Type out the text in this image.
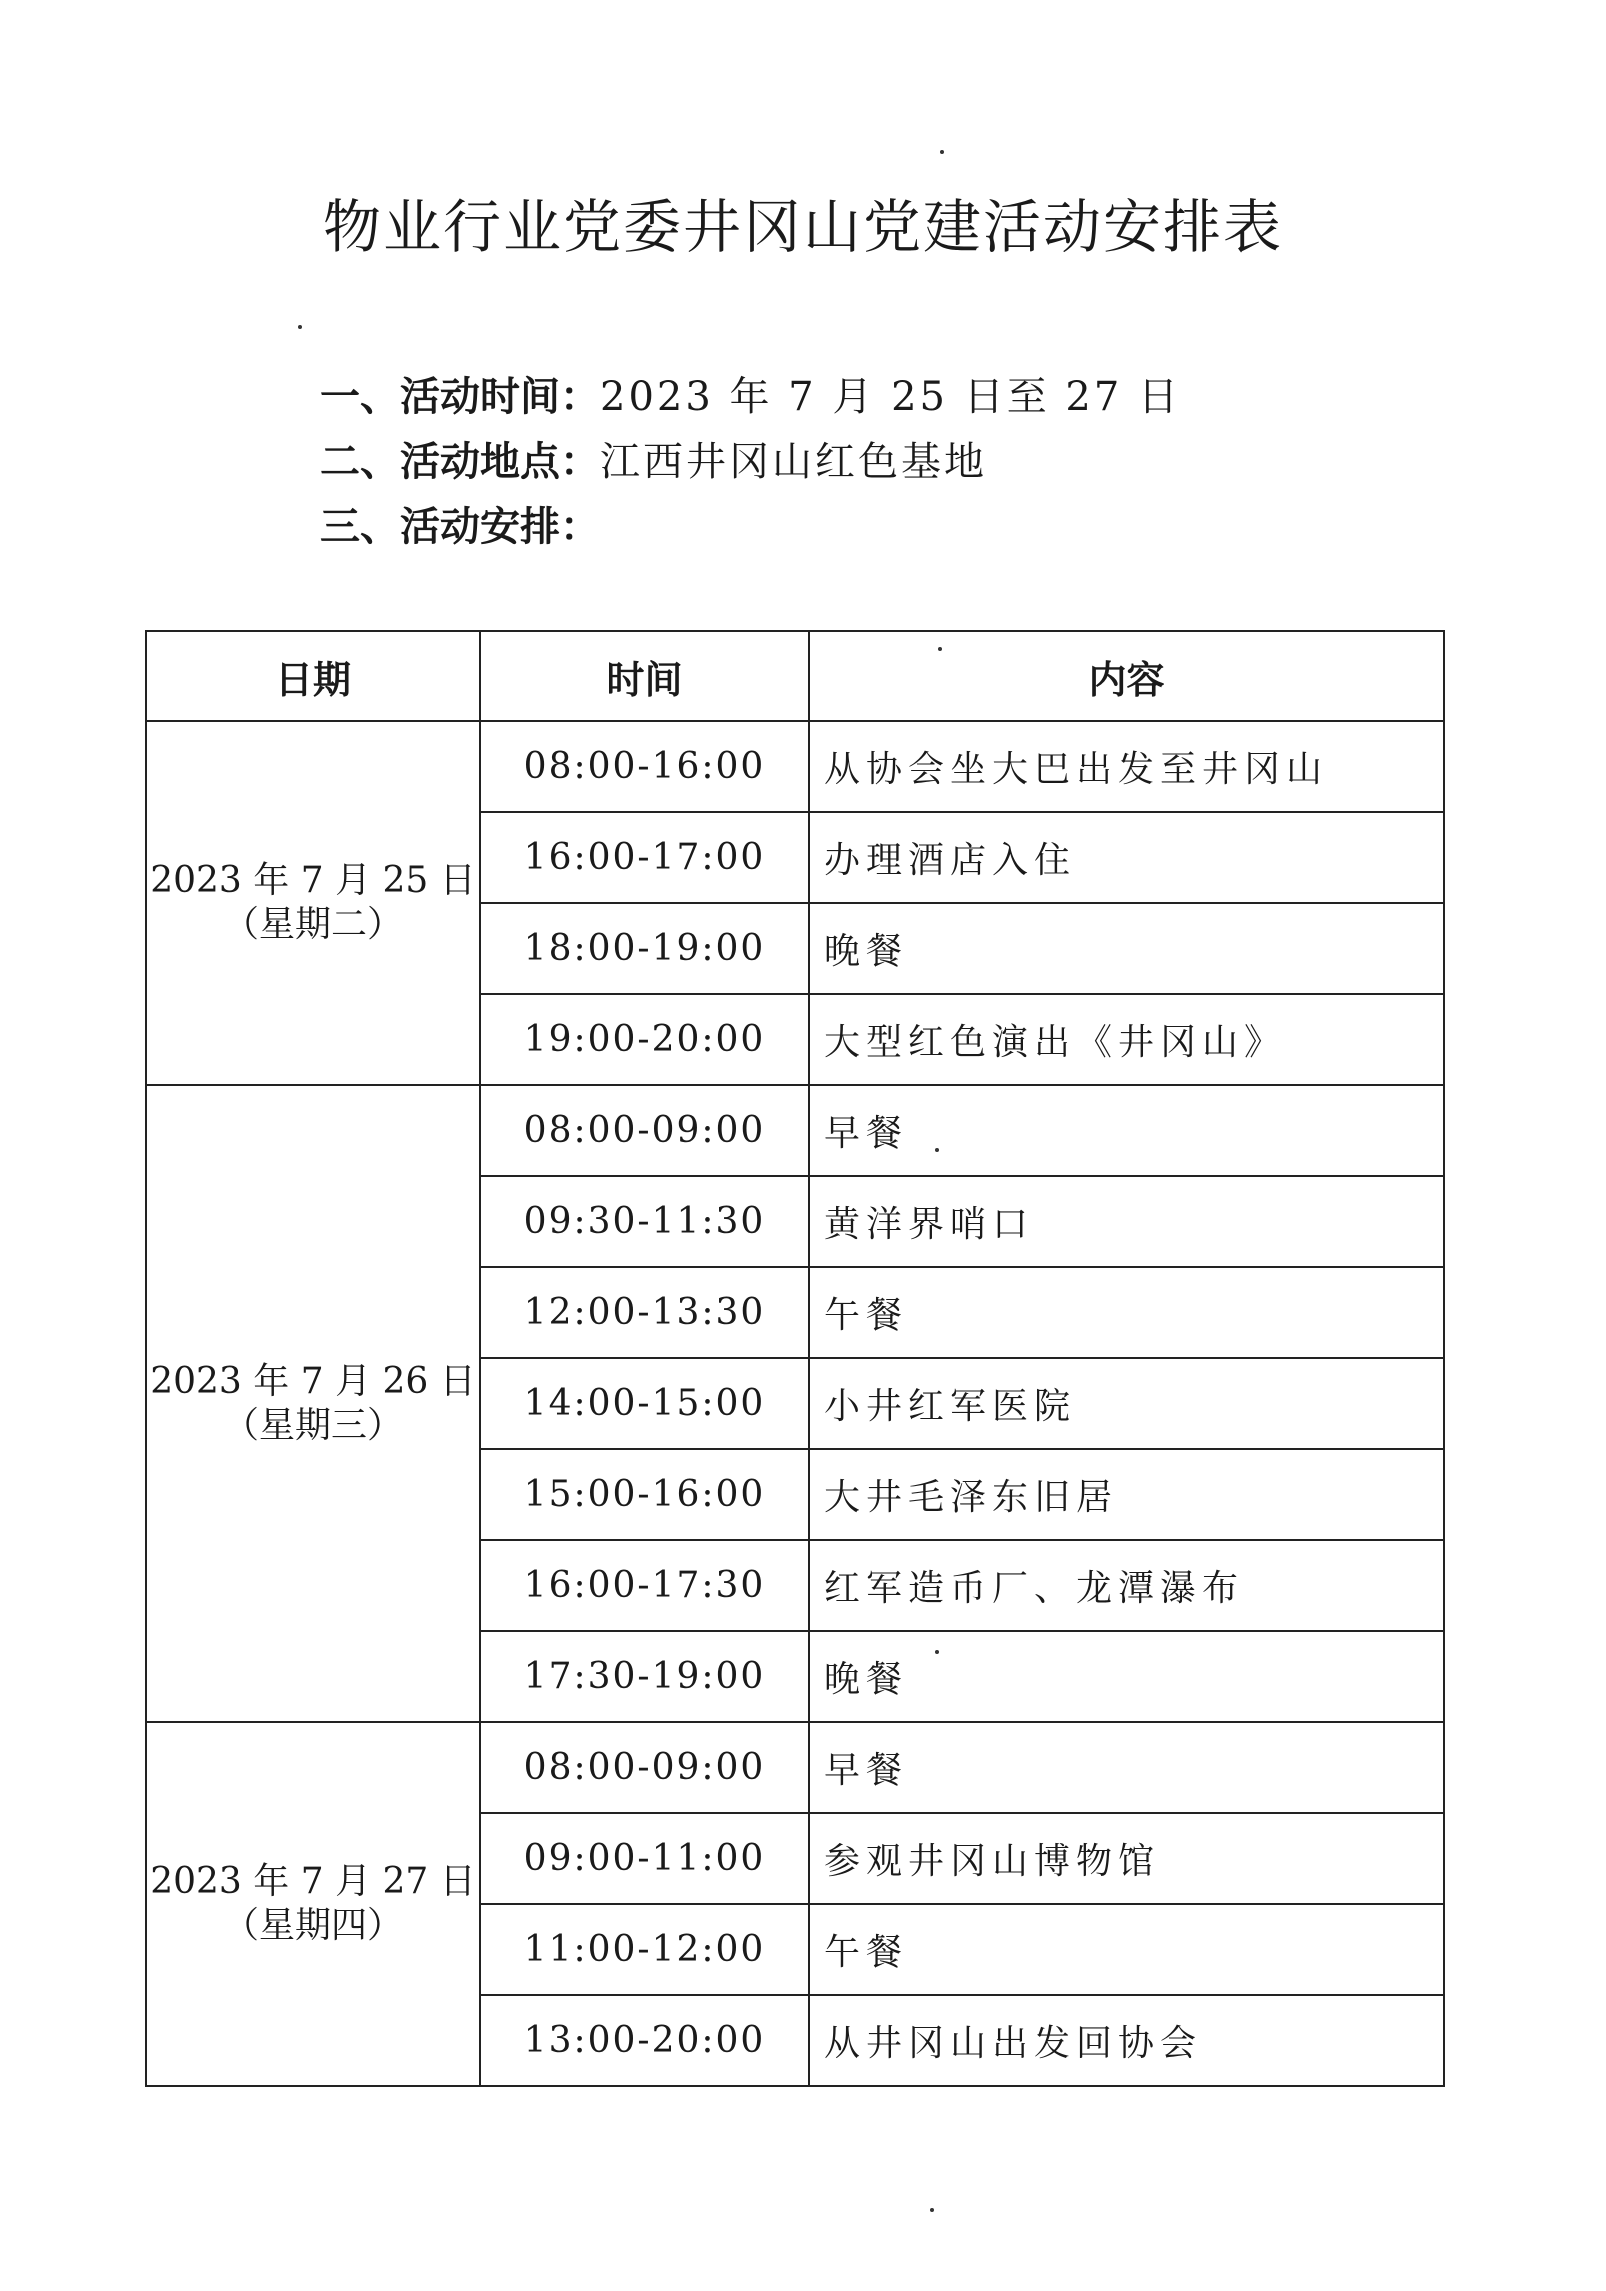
物业行业党委井冈山党建活动安排表
一、活动时间：2023 年 7 月 25 日至 27 日
二、活动地点：江西井冈山红色基地
三、活动安排：
日期	时间	内容

2023 年 7 月 25 日
（星期二）	08:00-16:00	从协会坐大巴出发至井冈山
	16:00-17:00	办理酒店入住
	18:00-19:00	晚餐
	19:00-20:00	大型红色演出《井冈山》

2023 年 7 月 26 日
（星期三）	08:00-09:00	早餐
	09:30-11:30	黄洋界哨口
	12:00-13:30	午餐
	14:00-15:00	小井红军医院
	15:00-16:00	大井毛泽东旧居
	16:00-17:30	红军造币厂、龙潭瀑布
	17:30-19:00	晚餐

2023 年 7 月 27 日
（星期四）	08:00-09:00	早餐
	09:00-11:00	参观井冈山博物馆
	11:00-12:00	午餐
	13:00-20:00	从井冈山出发回协会
